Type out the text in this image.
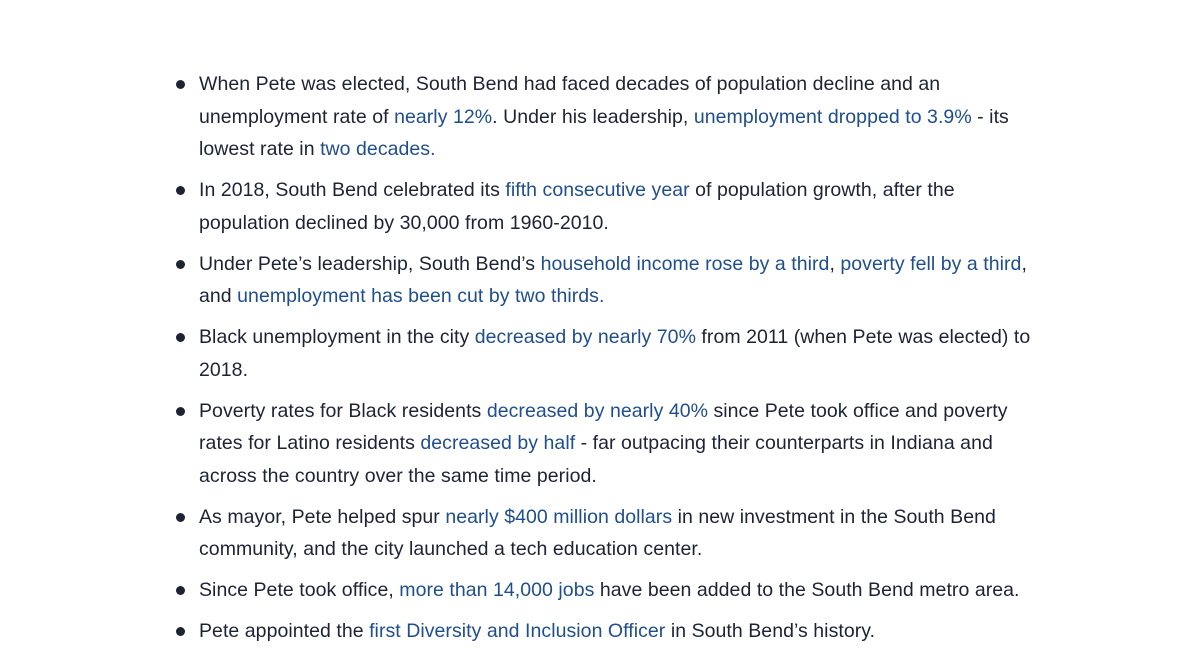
When Pete was elected, South Bend had faced decades of population decline and an unemployment rate of nearly 12%. Under his leadership, unemployment dropped to 3.9% - its lowest rate in two decades.
In 2018, South Bend celebrated its fifth consecutive year of population growth, after the population declined by 30,000 from 1960-2010.
Under Pete’s leadership, South Bend’s household income rose by a third, poverty fell by a third, and unemployment has been cut by two thirds.
Black unemployment in the city decreased by nearly 70% from 2011 (when Pete was elected) to 2018.
Poverty rates for Black residents decreased by nearly 40% since Pete took office and poverty rates for Latino residents decreased by half - far outpacing their counterparts in Indiana and across the country over the same time period.
As mayor, Pete helped spur nearly $400 million dollars in new investment in the South Bend community, and the city launched a tech education center.
Since Pete took office, more than 14,000 jobs have been added to the South Bend metro area.
Pete appointed the first Diversity and Inclusion Officer in South Bend’s history.
